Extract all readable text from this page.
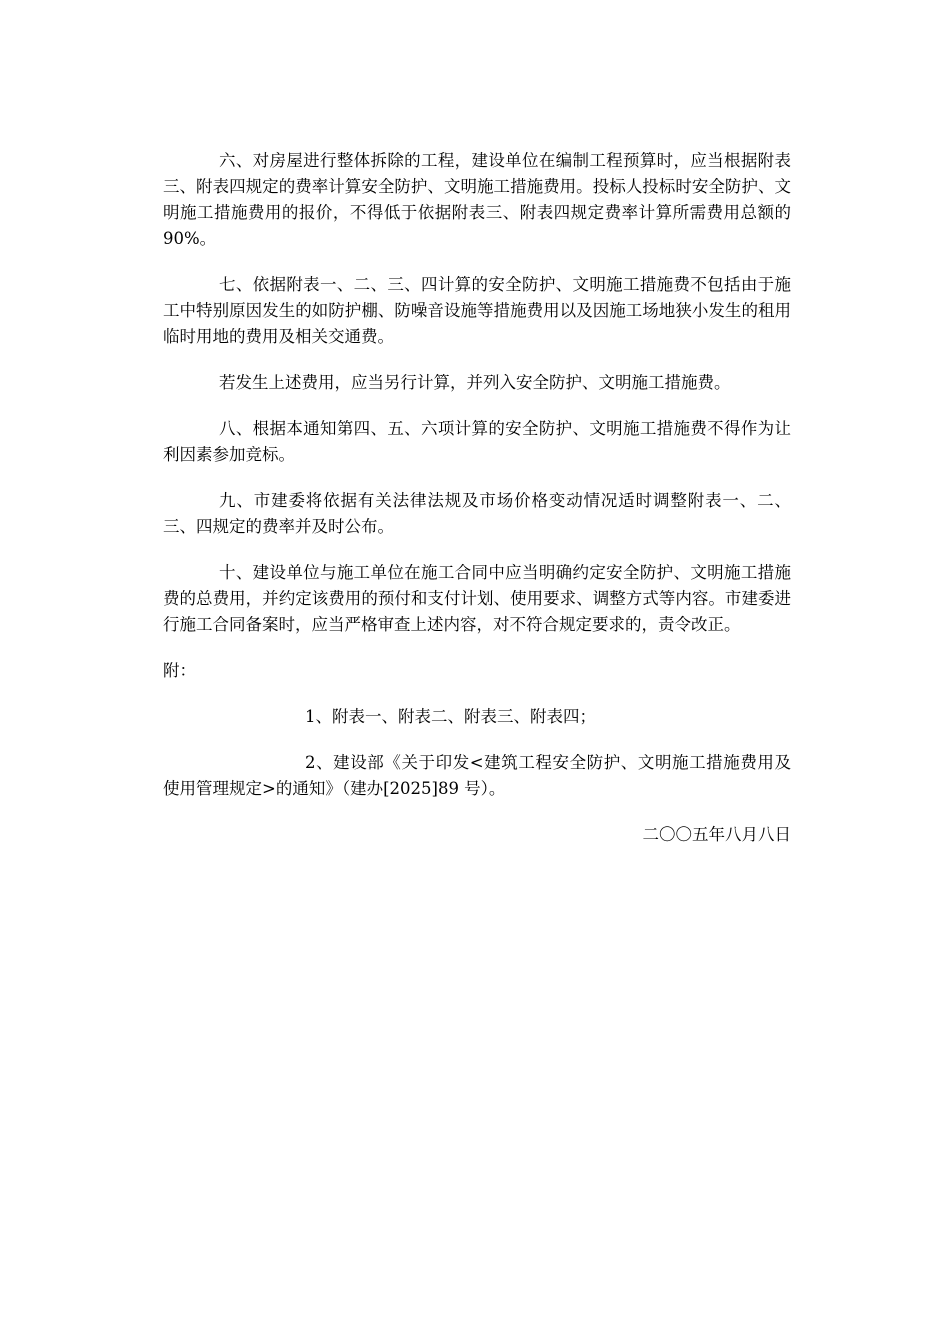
六、对房屋进行整体拆除的工程，建设单位在编制工程预算时，应当根据附表三、附表四规定的费率计算安全防护、文明施工措施费用。投标人投标时安全防护、文明施工措施费用的报价，不得低于依据附表三、附表四规定费率计算所需费用总额的90%。

七、依据附表一、二、三、四计算的安全防护、文明施工措施费不包括由于施工中特别原因发生的如防护棚、防噪音设施等措施费用以及因施工场地狭小发生的租用临时用地的费用及相关交通费。

若发生上述费用，应当另行计算，并列入安全防护、文明施工措施费。

八、根据本通知第四、五、六项计算的安全防护、文明施工措施费不得作为让利因素参加竞标。

九、市建委将依据有关法律法规及市场价格变动情况适时调整附表一、二、三、四规定的费率并及时公布。

十、建设单位与施工单位在施工合同中应当明确约定安全防护、文明施工措施费的总费用，并约定该费用的预付和支付计划、使用要求、调整方式等内容。市建委进行施工合同备案时，应当严格审查上述内容，对不符合规定要求的，责令改正。

附：

1、附表一、附表二、附表三、附表四；

2、建设部《关于印发<建筑工程安全防护、文明施工措施费用及使用管理规定>的通知》（建办[2025]89 号）。

二〇〇五年八月八日
